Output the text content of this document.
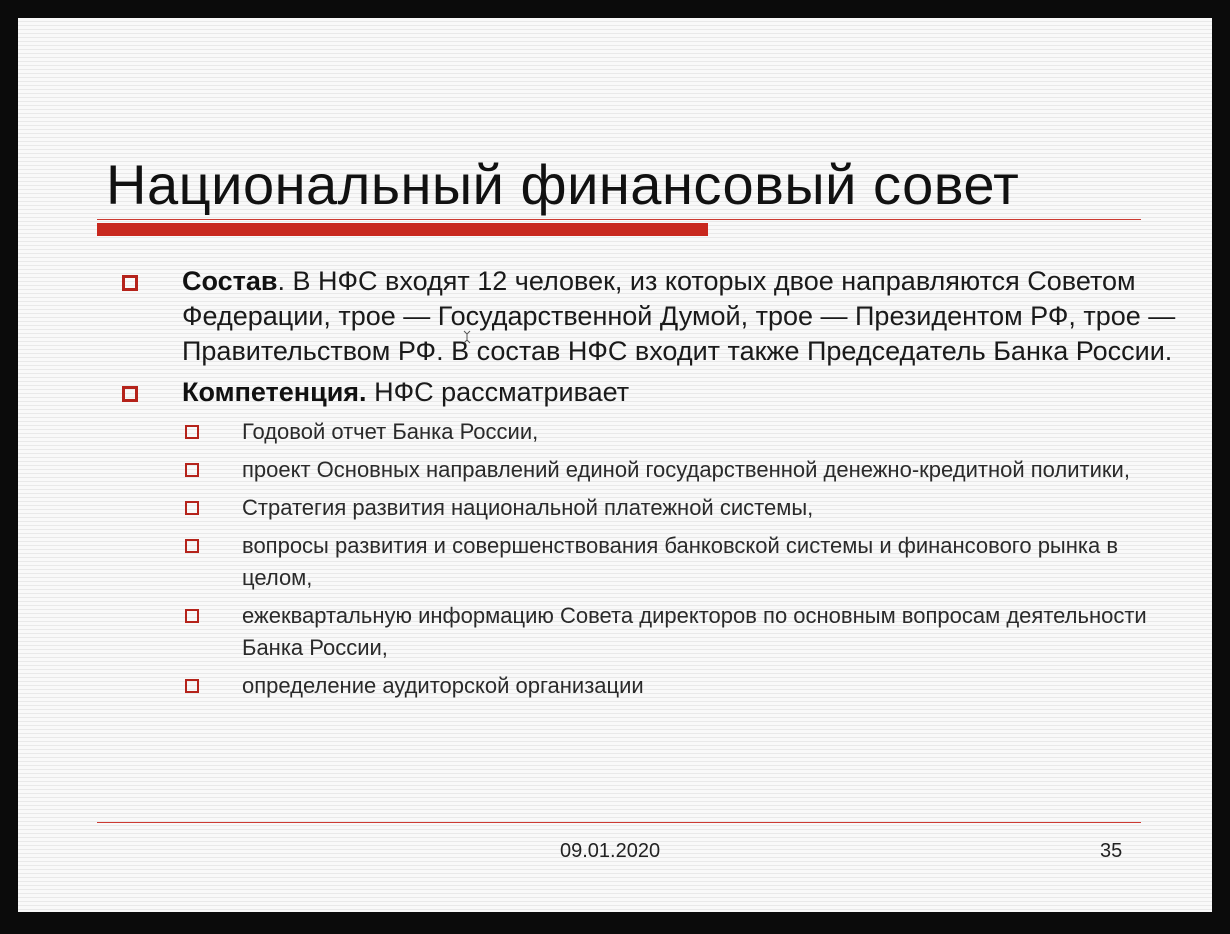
Национальный финансовый совет
Состав. В НФС входят 12 человек, из которых двое направляются Советом Федерации, трое — Государственной Думой, трое — Президентом РФ, трое — Правительством РФ. В состав НФС входит также Председатель Банка России.
Компетенция. НФС рассматривает
Годовой отчет Банка России,
проект Основных направлений единой государственной денежно-кредитной политики,
Стратегия развития национальной платежной системы,
вопросы развития и совершенствования банковской системы и финансового рынка в целом,
ежеквартальную информацию Совета директоров по основным вопросам деятельности Банка России,
определение аудиторской организации
09.01.2020	35
